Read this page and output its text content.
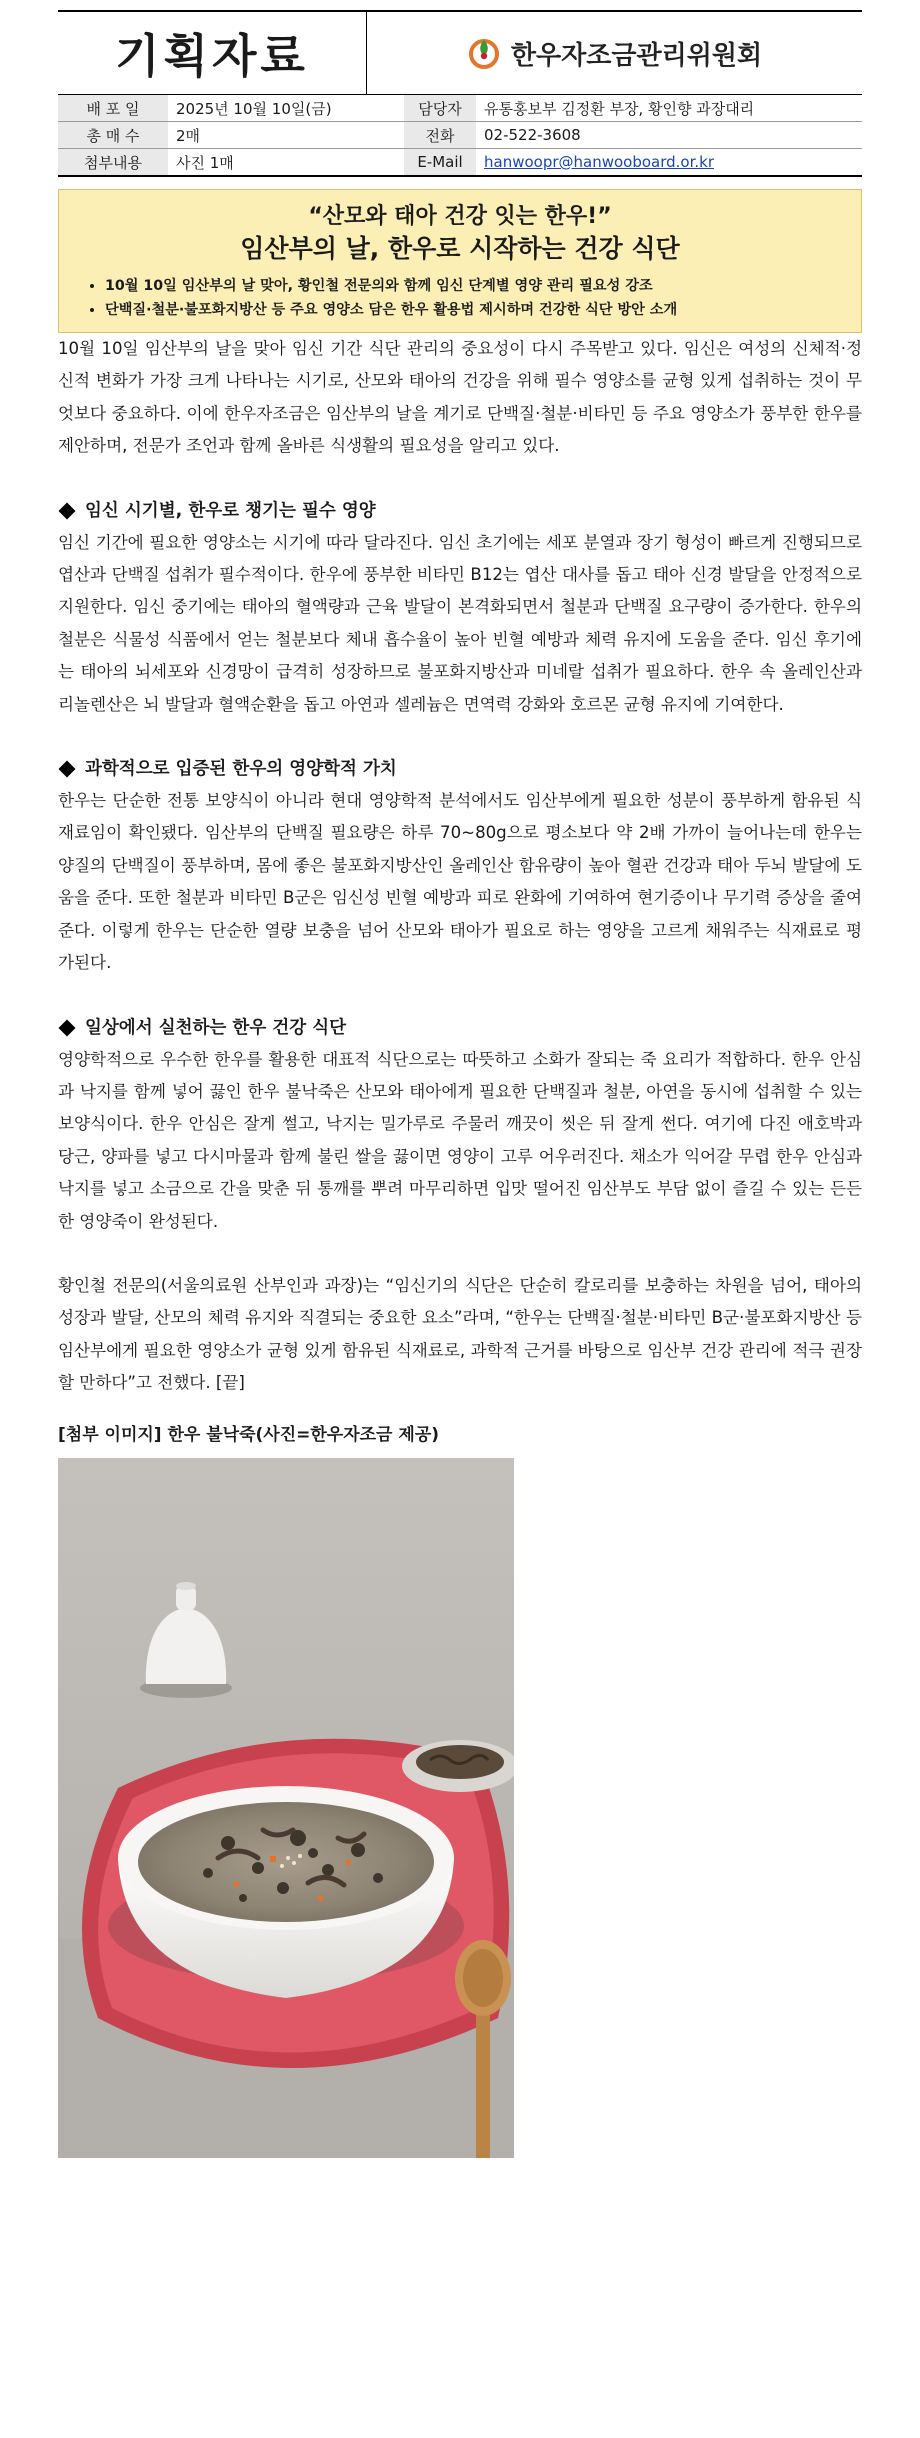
기획자료	한우자조금관리위원회
배 포 일	2025년 10월 10일(금)	담당자	유통홍보부 김정환 부장, 황인향 과장대리
총 매 수	2매	전화	02-522-3608
첨부내용	사진 1매	E-Mail	hanwoopr@hanwooboard.or.kr
“산모와 태아 건강 잇는 한우!”
임산부의 날, 한우로 시작하는 건강 식단
• 10월 10일 임산부의 날 맞아, 황인철 전문의와 함께 임신 단계별 영양 관리 필요성 강조
• 단백질·철분·불포화지방산 등 주요 영양소 담은 한우 활용법 제시하며 건강한 식단 방안 소개

10월 10일 임산부의 날을 맞아 임신 기간 식단 관리의 중요성이 다시 주목받고 있다. 임신은 여성의 신체적·정신적 변화가 가장 크게 나타나는 시기로, 산모와 태아의 건강을 위해 필수 영양소를 균형 있게 섭취하는 것이 무엇보다 중요하다. 이에 한우자조금은 임산부의 날을 계기로 단백질·철분·비타민 등 주요 영양소가 풍부한 한우를 제안하며, 전문가 조언과 함께 올바른 식생활의 필요성을 알리고 있다.

임신 시기별, 한우로 챙기는 필수 영양

임신 기간에 필요한 영양소는 시기에 따라 달라진다. 임신 초기에는 세포 분열과 장기 형성이 빠르게 진행되므로 엽산과 단백질 섭취가 필수적이다. 한우에 풍부한 비타민 B12는 엽산 대사를 돕고 태아 신경 발달을 안정적으로 지원한다. 임신 중기에는 태아의 혈액량과 근육 발달이 본격화되면서 철분과 단백질 요구량이 증가한다. 한우의 철분은 식물성 식품에서 얻는 철분보다 체내 흡수율이 높아 빈혈 예방과 체력 유지에 도움을 준다. 임신 후기에는 태아의 뇌세포와 신경망이 급격히 성장하므로 불포화지방산과 미네랄 섭취가 필요하다. 한우 속 올레인산과 리놀렌산은 뇌 발달과 혈액순환을 돕고 아연과 셀레늄은 면역력 강화와 호르몬 균형 유지에 기여한다.

과학적으로 입증된 한우의 영양학적 가치

한우는 단순한 전통 보양식이 아니라 현대 영양학적 분석에서도 임산부에게 필요한 성분이 풍부하게 함유된 식재료임이 확인됐다. 임산부의 단백질 필요량은 하루 70~80g으로 평소보다 약 2배 가까이 늘어나는데 한우는 양질의 단백질이 풍부하며, 몸에 좋은 불포화지방산인 올레인산 함유량이 높아 혈관 건강과 태아 두뇌 발달에 도움을 준다. 또한 철분과 비타민 B군은 임신성 빈혈 예방과 피로 완화에 기여하여 현기증이나 무기력 증상을 줄여준다. 이렇게 한우는 단순한 열량 보충을 넘어 산모와 태아가 필요로 하는 영양을 고르게 채워주는 식재료로 평가된다.

일상에서 실천하는 한우 건강 식단

영양학적으로 우수한 한우를 활용한 대표적 식단으로는 따뜻하고 소화가 잘되는 죽 요리가 적합하다. 한우 안심과 낙지를 함께 넣어 끓인 한우 불낙죽은 산모와 태아에게 필요한 단백질과 철분, 아연을 동시에 섭취할 수 있는 보양식이다. 한우 안심은 잘게 썰고, 낙지는 밀가루로 주물러 깨끗이 씻은 뒤 잘게 썬다. 여기에 다진 애호박과 당근, 양파를 넣고 다시마물과 함께 불린 쌀을 끓이면 영양이 고루 어우러진다. 채소가 익어갈 무렵 한우 안심과 낙지를 넣고 소금으로 간을 맞춘 뒤 통깨를 뿌려 마무리하면 입맛 떨어진 임산부도 부담 없이 즐길 수 있는 든든한 영양죽이 완성된다.

황인철 전문의(서울의료원 산부인과 과장)는 “임신기의 식단은 단순히 칼로리를 보충하는 차원을 넘어, 태아의 성장과 발달, 산모의 체력 유지와 직결되는 중요한 요소”라며, “한우는 단백질·철분·비타민 B군·불포화지방산 등 임산부에게 필요한 영양소가 균형 있게 함유된 식재료로, 과학적 근거를 바탕으로 임산부 건강 관리에 적극 권장할 만하다”고 전했다. [끝]

[첨부 이미지] 한우 불낙죽(사진=한우자조금 제공)
